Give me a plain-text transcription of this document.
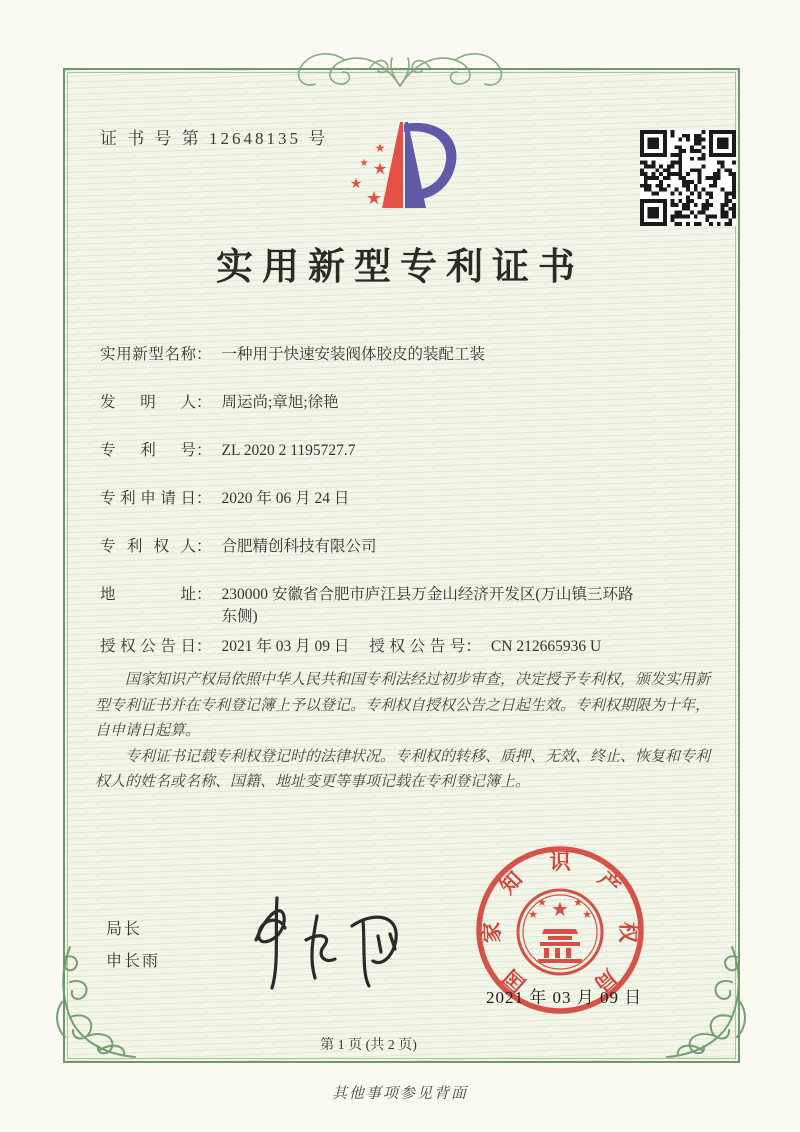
证 书 号 第 12648135 号	★
★ ★
★
★
实用新型专利证书
实用新型名称 ： 一种用于快速安装阀体胶皮的装配工装
发明人 ： 周运尚;章旭;徐艳
专利号 ： ZL 2020 2 1195727.7
专利申请日 ： 2020 年 06 月 24 日
专利权人 ： 合肥精创科技有限公司
地址 ： 230000 安徽省合肥市庐江县万金山经济开发区(万山镇三环路东侧)
授权公告日 ： 2021 年 03 月 09 日 授权公告号 ： CN 212665936 U

国家知识产权局依照中华人民共和国专利法经过初步审查，决定授予专利权，颁发实用新型专利证书并在专利登记簿上予以登记。专利权自授权公告之日起生效。专利权期限为十年，自申请日起算。

专利证书记载专利权登记时的法律状况。专利权的转移、质押、无效、终止、恢复和专利权人的姓名或名称、国籍、地址变更等事项记载在专利登记簿上。

局长
申长雨
国
家
知
识
产
权
局
★
★ ★
★	★
2021 年 03 月 09 日
第 1 页 (共 2 页)
其他事项参见背面
